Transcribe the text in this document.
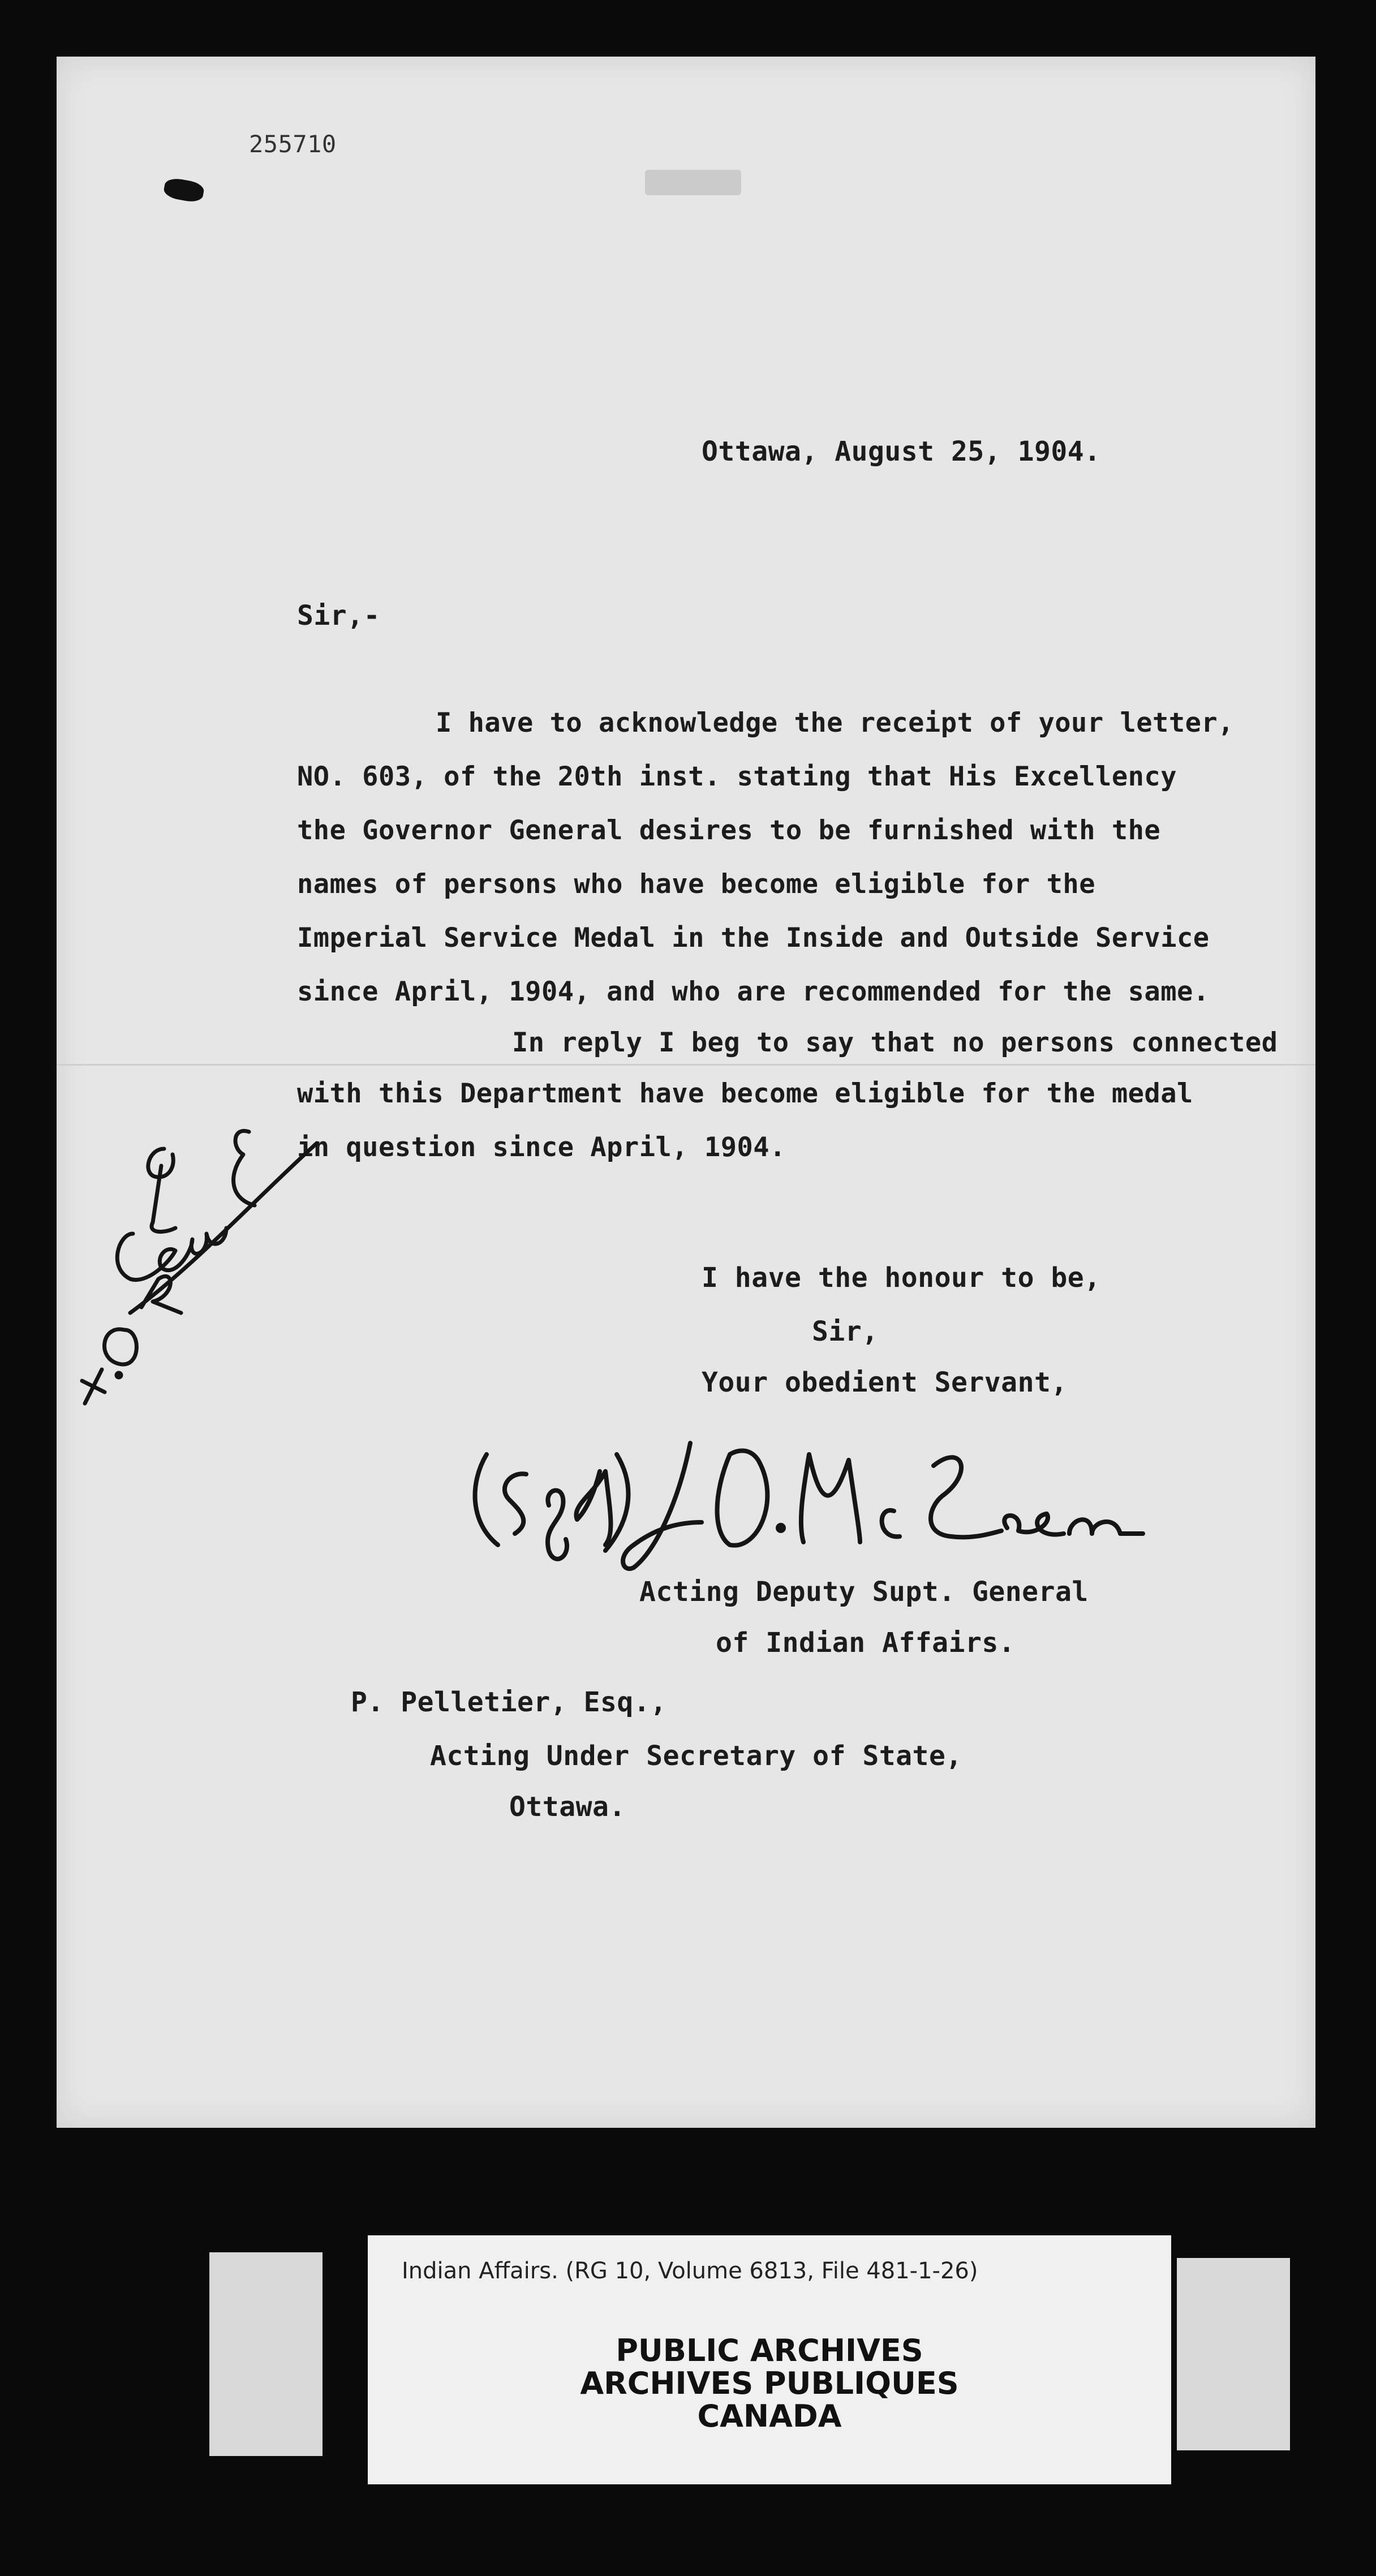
255710
Ottawa, August 25, 1904.
Sir,-
I have to acknowledge the receipt of your letter,
NO. 603, of the 20th inst. stating that His Excellency
the Governor General desires to be furnished with the
names of persons who have become eligible for the
Imperial Service Medal in the Inside and Outside Service
since April, 1904, and who are recommended for the same.
In reply I beg to say that no persons connected
with this Department have become eligible for the medal
in question since April, 1904.
I have the honour to be,
Sir,
Your obedient Servant,
Acting Deputy Supt. General
of Indian Affairs.
P. Pelletier, Esq.,
Acting Under Secretary of State,
Ottawa.
Indian Affairs. (RG 10, Volume 6813, File 481-1-26)
PUBLIC ARCHIVES
ARCHIVES PUBLIQUES
CANADA
